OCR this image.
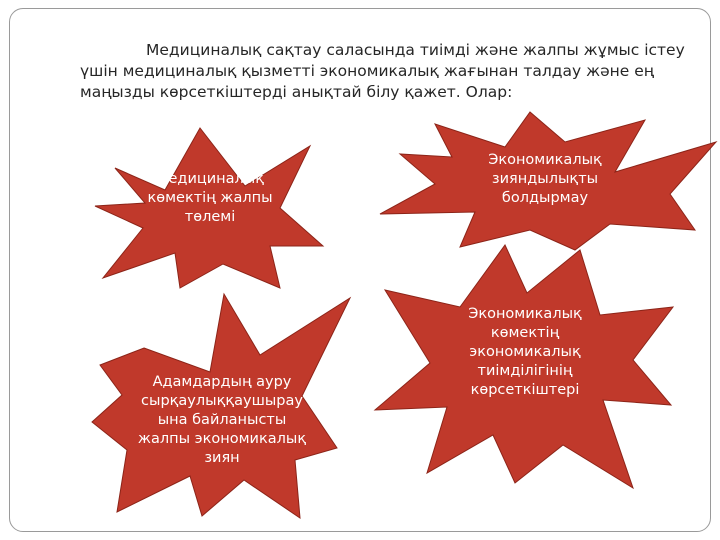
Медициналық сақтау саласында тиімді және жалпы жұмыс істеу үшін медициналық қызметті экономикалық жағынан талдау және ең маңызды көрсеткіштерді анықтай білу қажет. Олар:

Медициналық
көмектің жалпы
төлемі
Экономикалық
зияндылықты
болдырмау
Адамдардың ауру
сырқаулыққаушырау
ына байланысты
жалпы экономикалық
зиян
Экономикалық
көмектің
экономикалық
тиімділігінің
көрсеткіштері
